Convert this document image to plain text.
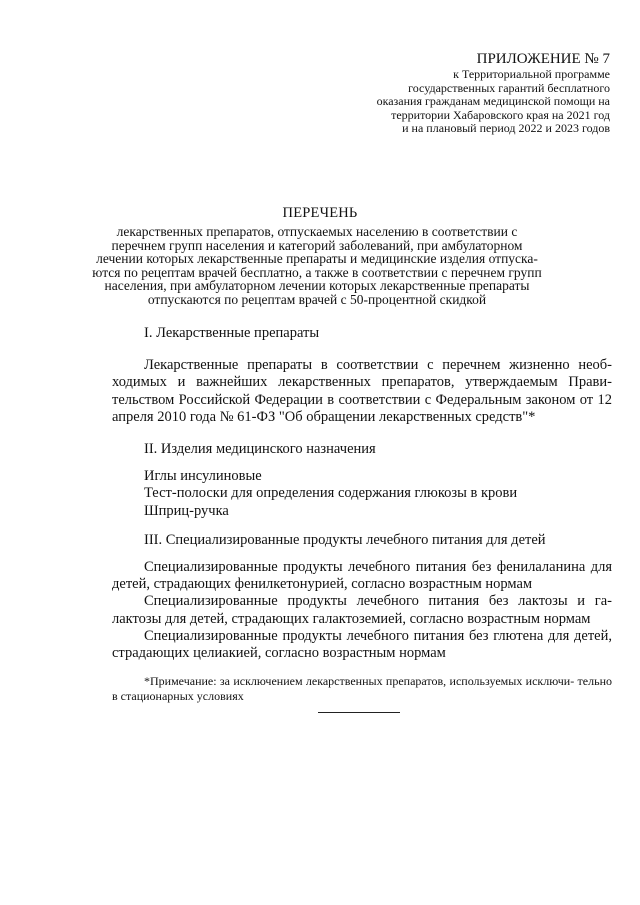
ПРИЛОЖЕНИЕ № 7
к Территориальной программе
государственных гарантий бесплатного
оказания гражданам медицинской помощи на
территории Хабаровского края на 2021 год
и на плановый период 2022 и 2023 годов
ПЕРЕЧЕНЬ
лекарственных препаратов, отпускаемых населению в соответствии с перечнем групп населения и категорий заболеваний, при амбулаторном лечении которых лекарственные препараты и медицинские изделия отпуска- ются по рецептам врачей бесплатно, а также в соответствии с перечнем групп населения, при амбулаторном лечении которых лекарственные препараты отпускаются по рецептам врачей с 50-процентной скидкой

I. Лекарственные препараты

Лекарственные препараты в соответствии с перечнем жизненно необ- ходимых и важнейших лекарственных препаратов, утверждаемым Прави- тельством Российской Федерации в соответствии с Федеральным законом от 12 апреля 2010 года № 61-ФЗ "Об обращении лекарственных средств"*

II. Изделия медицинского назначения

Иглы инсулиновые

Тест-полоски для определения содержания глюкозы в крови

Шприц-ручка

III. Специализированные продукты лечебного питания для детей

Специализированные продукты лечебного питания без фенилаланина для детей, страдающих фенилкетонурией, согласно возрастным нормам

Специализированные продукты лечебного питания без лактозы и га- лактозы для детей, страдающих галактоземией, согласно возрастным нормам

Специализированные продукты лечебного питания без глютена для детей, страдающих целиакией, согласно возрастным нормам

*Примечание: за исключением лекарственных препаратов, используемых исключи- тельно в стационарных условиях
